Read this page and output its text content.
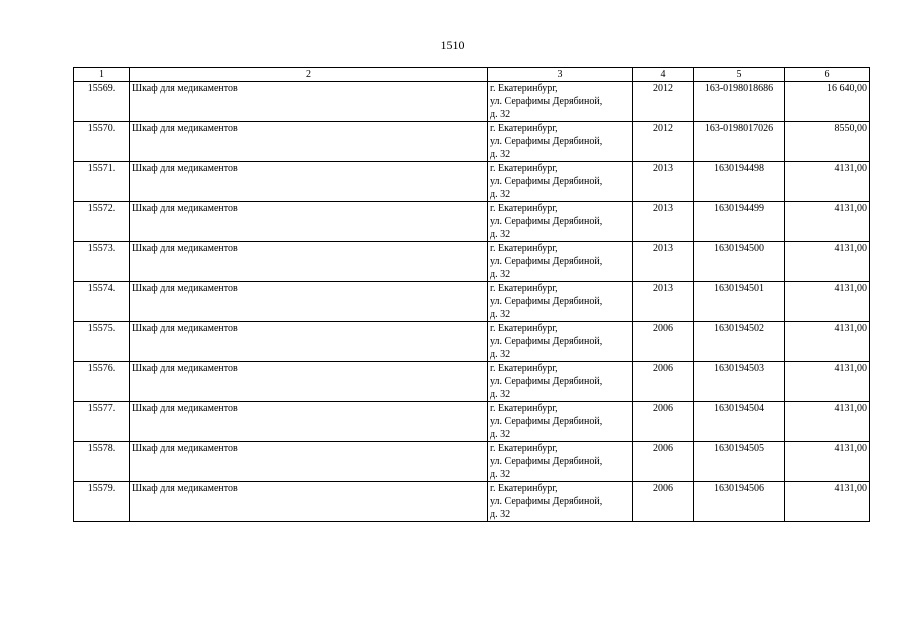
1510
1	2	3	4	5	6
15569.	Шкаф для медикаментов	г. Екатеринбург,
ул. Серафимы Дерябиной,
д. 32	2012	163-0198018686	16 640,00
15570.	Шкаф для медикаментов	г. Екатеринбург,
ул. Серафимы Дерябиной,
д. 32	2012	163-0198017026	8550,00
15571.	Шкаф для медикаментов	г. Екатеринбург,
ул. Серафимы Дерябиной,
д. 32	2013	1630194498	4131,00
15572.	Шкаф для медикаментов	г. Екатеринбург,
ул. Серафимы Дерябиной,
д. 32	2013	1630194499	4131,00
15573.	Шкаф для медикаментов	г. Екатеринбург,
ул. Серафимы Дерябиной,
д. 32	2013	1630194500	4131,00
15574.	Шкаф для медикаментов	г. Екатеринбург,
ул. Серафимы Дерябиной,
д. 32	2013	1630194501	4131,00
15575.	Шкаф для медикаментов	г. Екатеринбург,
ул. Серафимы Дерябиной,
д. 32	2006	1630194502	4131,00
15576.	Шкаф для медикаментов	г. Екатеринбург,
ул. Серафимы Дерябиной,
д. 32	2006	1630194503	4131,00
15577.	Шкаф для медикаментов	г. Екатеринбург,
ул. Серафимы Дерябиной,
д. 32	2006	1630194504	4131,00
15578.	Шкаф для медикаментов	г. Екатеринбург,
ул. Серафимы Дерябиной,
д. 32	2006	1630194505	4131,00
15579.	Шкаф для медикаментов	г. Екатеринбург,
ул. Серафимы Дерябиной,
д. 32	2006	1630194506	4131,00
